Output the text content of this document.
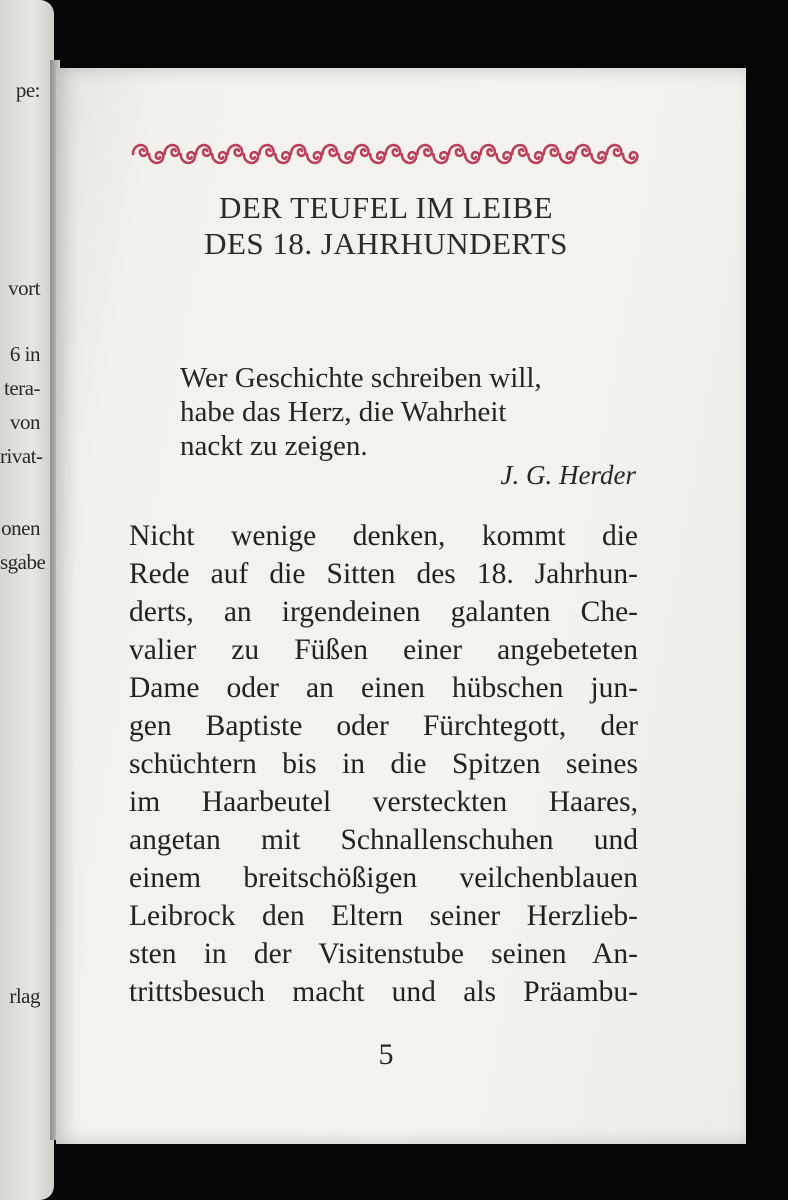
pe:
vort
6 in
tera-
von
rivat-
onen
sgabe
rlag
DER TEUFEL IM LEIBE
DES 18. JAHRHUNDERTS

Wer Geschichte schreiben will,

habe das Herz, die Wahrheit

nackt zu zeigen.

J. G. Herder

Nicht wenige denken, kommt die

Rede auf die Sitten des 18. Jahrhun-

derts, an irgendeinen galanten Che-

valier zu Füßen einer angebeteten

Dame oder an einen hübschen jun-

gen Baptiste oder Fürchtegott, der

schüchtern bis in die Spitzen seines

im Haarbeutel versteckten Haares,

angetan mit Schnallenschuhen und

einem breitschößigen veilchenblauen

Leibrock den Eltern seiner Herzlieb-

sten in der Visitenstube seinen An-

trittsbesuch macht und als Präambu-

5
